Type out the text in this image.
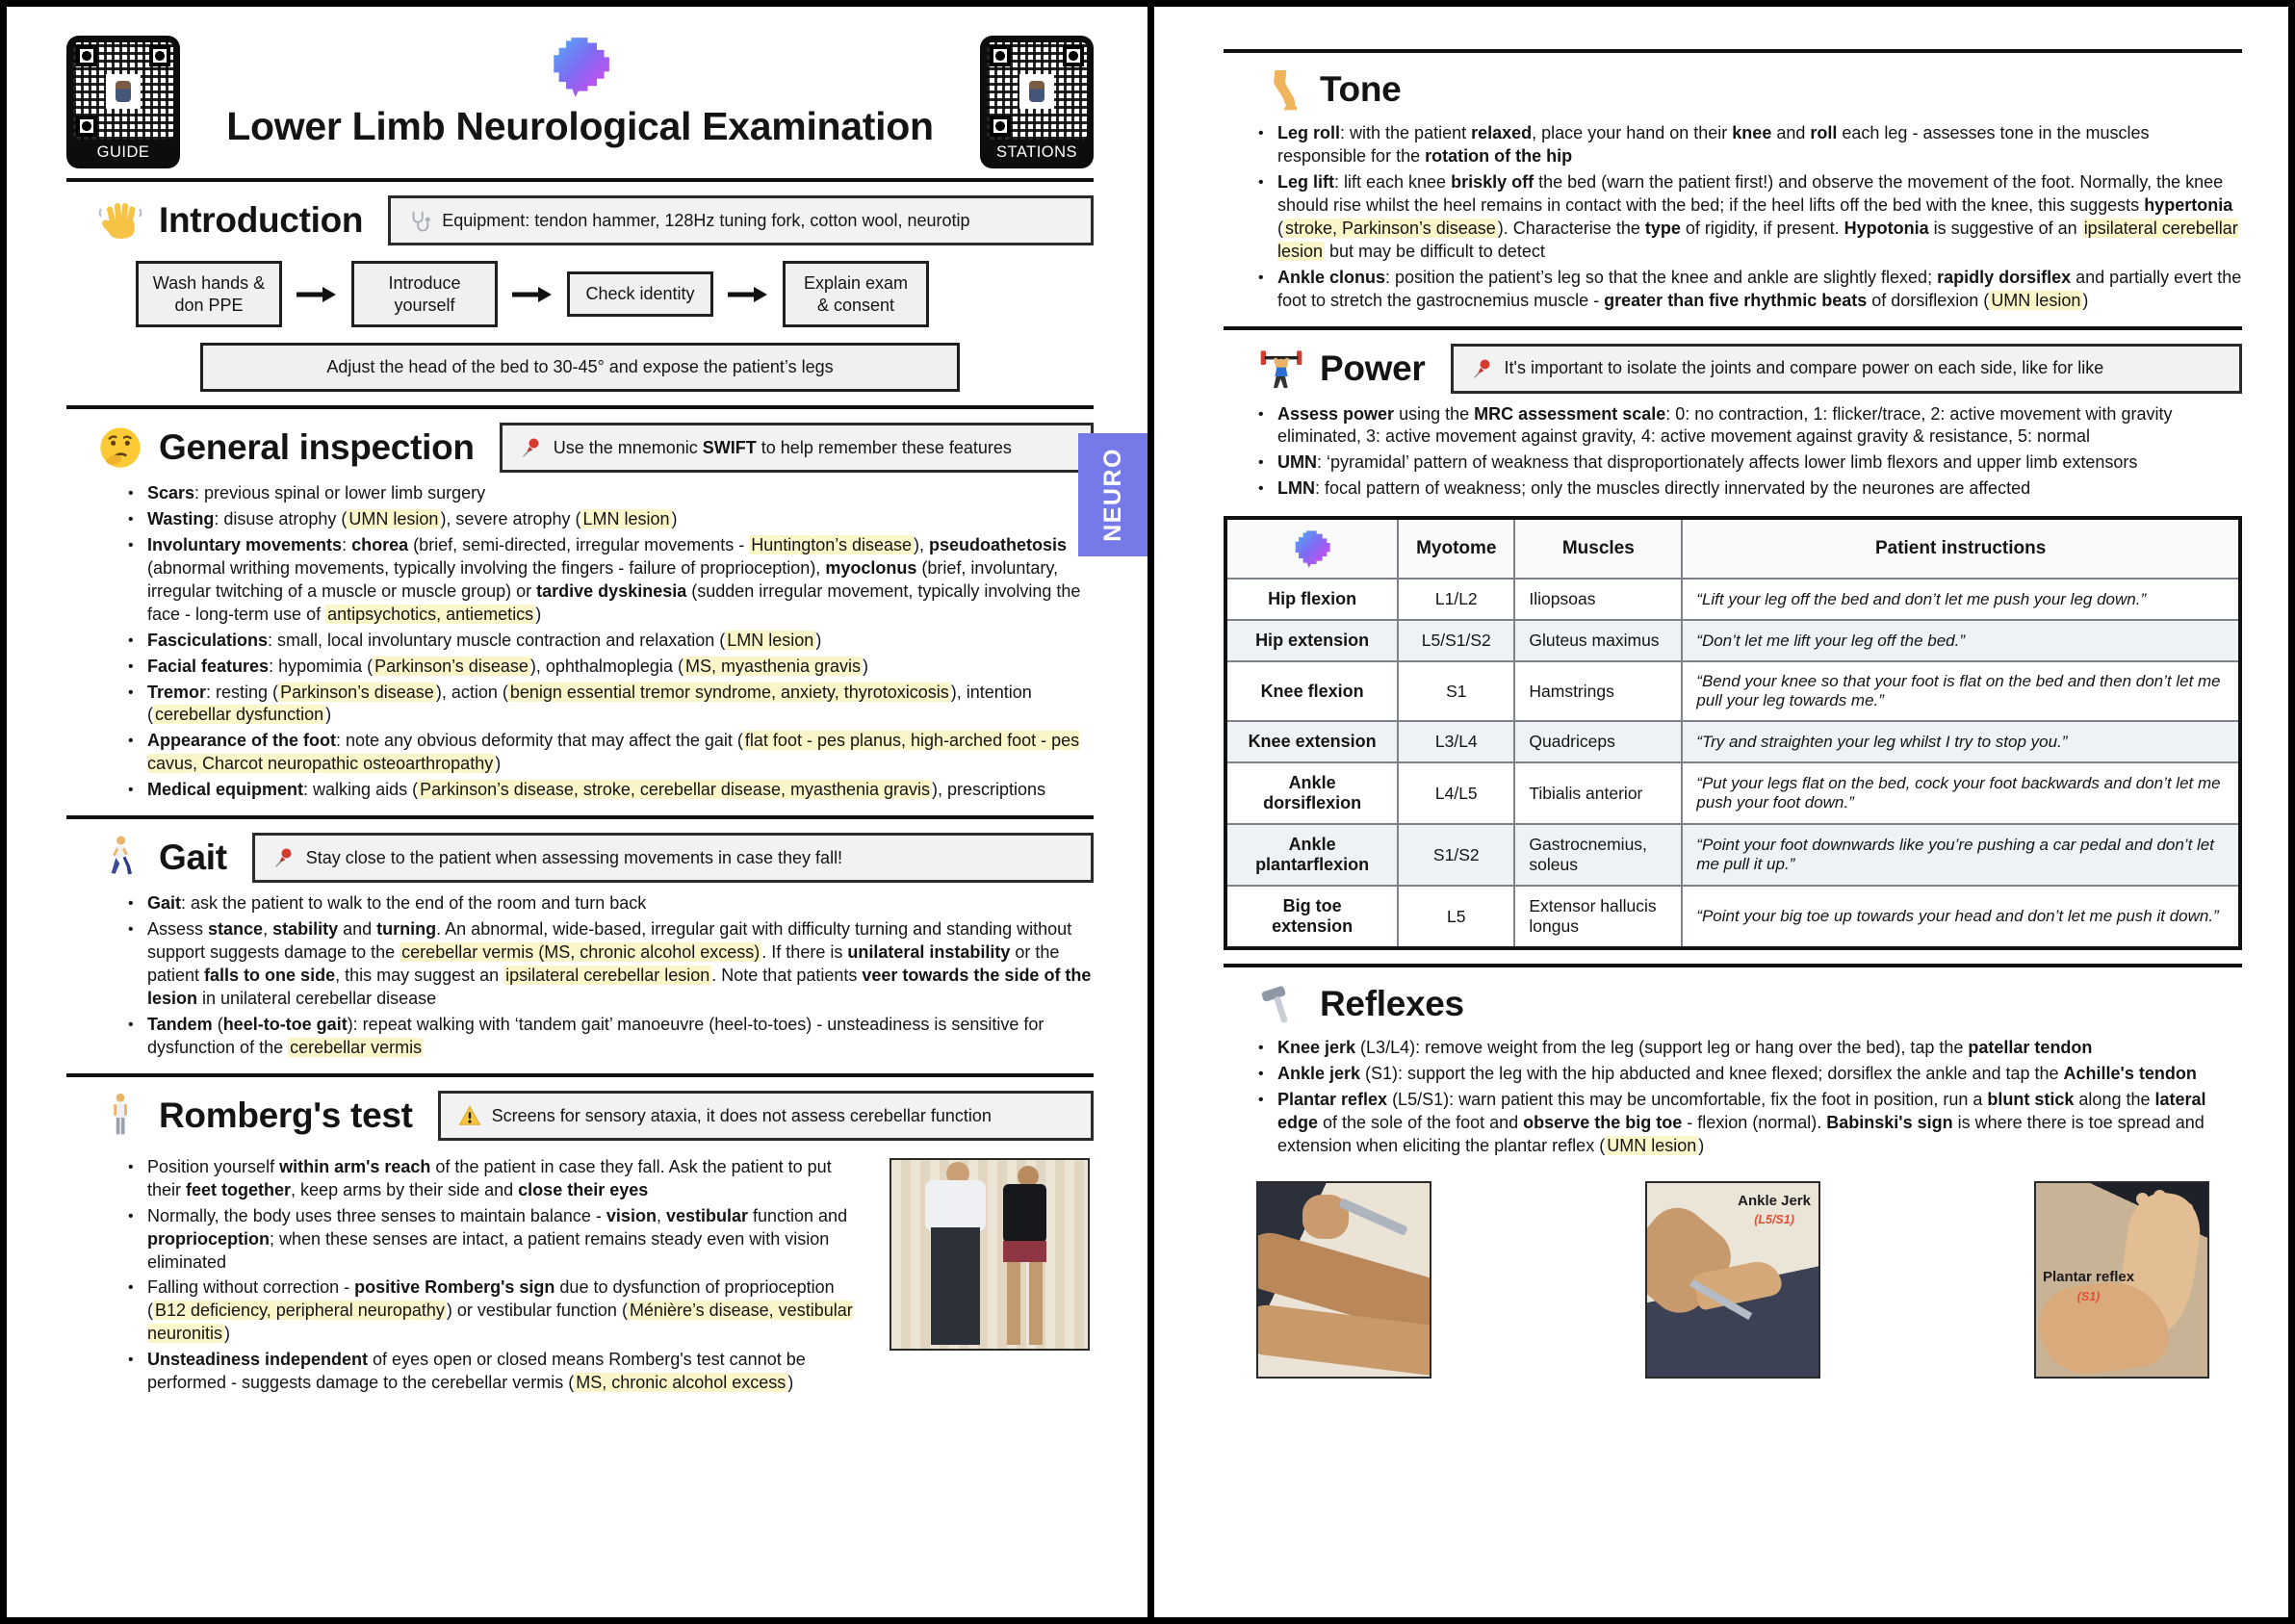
GUIDE
Lower Limb Neurological Examination
STATIONS
Introduction	Equipment: tendon hammer, 128Hz tuning fork, cotton wool, neurotip
Wash hands & don PPE
Introduce yourself
Check identity
Explain exam & consent
Adjust the head of the bed to 30-45° and expose the patient’s legs
General inspection	Use the mnemonic SWIFT to help remember these features
• Scars: previous spinal or lower limb surgery
• Wasting: disuse atrophy ( UMN lesion ), severe atrophy ( LMN lesion )
• Involuntary movements: chorea (brief, semi-directed, irregular movements - Huntington’s disease ), pseudoathetosis (abnormal writhing movements, typically involving the fingers - failure of proprioception), myoclonus (brief, involuntary, irregular twitching of a muscle or muscle group) or tardive dyskinesia (sudden irregular movement, typically involving the face - long-term use of antipsychotics, antiemetics )
• Fasciculations: small, local involuntary muscle contraction and relaxation ( LMN lesion )
• Facial features: hypomimia ( Parkinson’s disease ), ophthalmoplegia ( MS, myasthenia gravis )
• Tremor: resting ( Parkinson’s disease ), action ( benign essential tremor syndrome, anxiety, thyrotoxicosis ), intention ( cerebellar dysfunction )
• Appearance of the foot: note any obvious deformity that may affect the gait ( flat foot - pes planus, high-arched foot - pes cavus, Charcot neuropathic osteoarthropathy )
• Medical equipment: walking aids ( Parkinson’s disease, stroke, cerebellar disease, myasthenia gravis ), prescriptions
Gait	Stay close to the patient when assessing movements in case they fall!
• Gait: ask the patient to walk to the end of the room and turn back
• Assess stance, stability and turning. An abnormal, wide-based, irregular gait with difficulty turning and standing without support suggests damage to the cerebellar vermis (MS, chronic alcohol excess) . If there is unilateral instability or the patient falls to one side, this may suggest an ipsilateral cerebellar lesion . Note that patients veer towards the side of the lesion in unilateral cerebellar disease
• Tandem (heel-to-toe gait): repeat walking with ‘tandem gait’ manoeuvre (heel-to-toes) - unsteadiness is sensitive for dysfunction of the cerebellar vermis
Romberg's test	Screens for sensory ataxia, it does not assess cerebellar function
• Position yourself within arm's reach of the patient in case they fall. Ask the patient to put their feet together, keep arms by their side and close their eyes
• Normally, the body uses three senses to maintain balance - vision, vestibular function and proprioception; when these senses are intact, a patient remains steady even with vision eliminated
• Falling without correction - positive Romberg's sign due to dysfunction of proprioception ( B12 deficiency, peripheral neuropathy ) or vestibular function ( Ménière’s disease, vestibular neuronitis )
• Unsteadiness independent of eyes open or closed means Romberg's test cannot be performed - suggests damage to the cerebellar vermis ( MS, chronic alcohol excess )
NEURO
Tone
• Leg roll: with the patient relaxed, place your hand on their knee and roll each leg - assesses tone in the muscles responsible for the rotation of the hip
• Leg lift: lift each knee briskly off the bed (warn the patient first!) and observe the movement of the foot. Normally, the knee should rise whilst the heel remains in contact with the bed; if the heel lifts off the bed with the knee, this suggests hypertonia ( stroke, Parkinson’s disease ). Characterise the type of rigidity, if present. Hypotonia is suggestive of an ipsilateral cerebellar lesion but may be difficult to detect
• Ankle clonus: position the patient’s leg so that the knee and ankle are slightly flexed; rapidly dorsiflex and partially evert the foot to stretch the gastrocnemius muscle - greater than five rhythmic beats of dorsiflexion ( UMN lesion )
Power	It's important to isolate the joints and compare power on each side, like for like
• Assess power using the MRC assessment scale: 0: no contraction, 1: flicker/trace, 2: active movement with gravity eliminated, 3: active movement against gravity, 4: active movement against gravity & resistance, 5: normal
• UMN: ‘pyramidal’ pattern of weakness that disproportionately affects lower limb flexors and upper limb extensors
• LMN: focal pattern of weakness; only the muscles directly innervated by the neurones are affected
	Myotome	Muscles	Patient instructions
Hip flexion	L1/L2	Iliopsoas	“Lift your leg off the bed and don’t let me push your leg down.”
Hip extension	L5/S1/S2	Gluteus maximus	“Don’t let me lift your leg off the bed.”
Knee flexion	S1	Hamstrings	“Bend your knee so that your foot is flat on the bed and then don’t let me pull your leg towards me.”
Knee extension	L3/L4	Quadriceps	“Try and straighten your leg whilst I try to stop you.”
Ankle dorsiflexion	L4/L5	Tibialis anterior	“Put your legs flat on the bed, cock your foot backwards and don’t let me push your foot down.”
Ankle plantarflexion	S1/S2	Gastrocnemius, soleus	“Point your foot downwards like you’re pushing a car pedal and don’t let me pull it up.”
Big toe extension	L5	Extensor hallucis longus	“Point your big toe up towards your head and don’t let me push it down.”
Reflexes
• Knee jerk (L3/L4): remove weight from the leg (support leg or hang over the bed), tap the patellar tendon
• Ankle jerk (S1): support the leg with the hip abducted and knee flexed; dorsiflex the ankle and tap the Achille's tendon
• Plantar reflex (L5/S1): warn patient this may be uncomfortable, fix the foot in position, run a blunt stick along the lateral edge of the sole of the foot and observe the big toe - flexion (normal). Babinski's sign is where there is toe spread and extension when eliciting the plantar reflex ( UMN lesion )
Ankle Jerk
(L5/S1)
Plantar reflex
(S1)
